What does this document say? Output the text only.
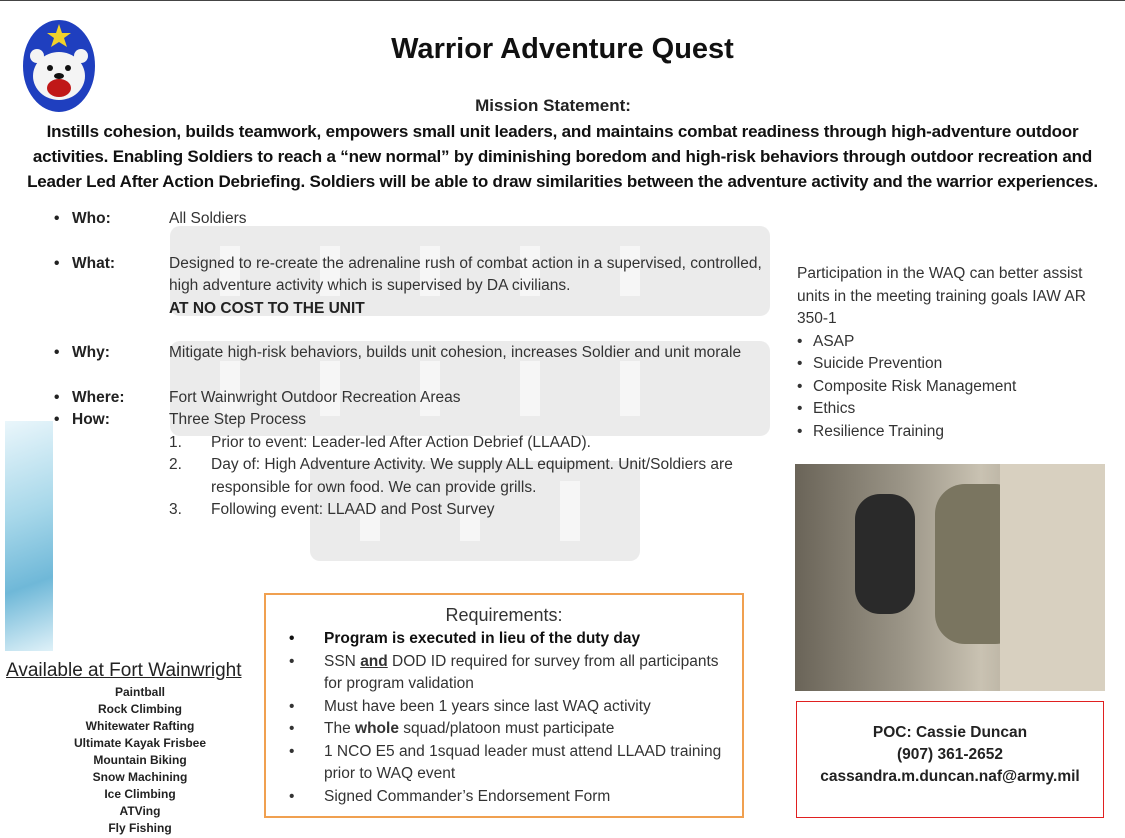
Warrior Adventure Quest
Mission Statement:
Instills cohesion, builds teamwork, empowers small unit leaders, and maintains combat readiness through high-adventure outdoor activities. Enabling Soldiers to reach a “new normal” by diminishing boredom and high-risk behaviors through outdoor recreation and Leader Led After Action Debriefing. Soldiers will be able to draw similarities between the adventure activity and the warrior experiences.
• Who:	All Soldiers
• What:	Designed to re-create the adrenaline rush of combat action in a supervised, controlled, high adventure activity which is supervised by DA civilians.
AT NO COST TO THE UNIT
• Why:	Mitigate high-risk behaviors, builds unit cohesion, increases Soldier and unit morale
• Where:	Fort Wainwright Outdoor Recreation Areas
• How:	Three Step Process
1.	Prior to event: Leader-led After Action Debrief (LLAAD).
2.	Day of: High Adventure Activity. We supply ALL equipment. Unit/Soldiers are responsible for own food. We can provide grills.
3.	Following event: LLAAD and Post Survey
Participation in the WAQ can better assist units in the meeting training goals IAW AR 350-1
• ASAP
• Suicide Prevention
• Composite Risk Management
• Ethics
• Resilience Training
Available at Fort Wainwright
Paintball
Rock Climbing
Whitewater Rafting
Ultimate Kayak Frisbee
Mountain Biking
Snow Machining
Ice Climbing
ATVing
Fly Fishing
Requirements:
• Program is executed in lieu of the duty day
• SSN and DOD ID required for survey from all participants for program validation
• Must have been 1 years since last WAQ activity
• The whole squad/platoon must participate
• 1 NCO E5 and 1squad leader must attend LLAAD training prior to WAQ event
• Signed Commander’s Endorsement Form
POC: Cassie Duncan
(907) 361-2652
cassandra.m.duncan.naf@army.mil
